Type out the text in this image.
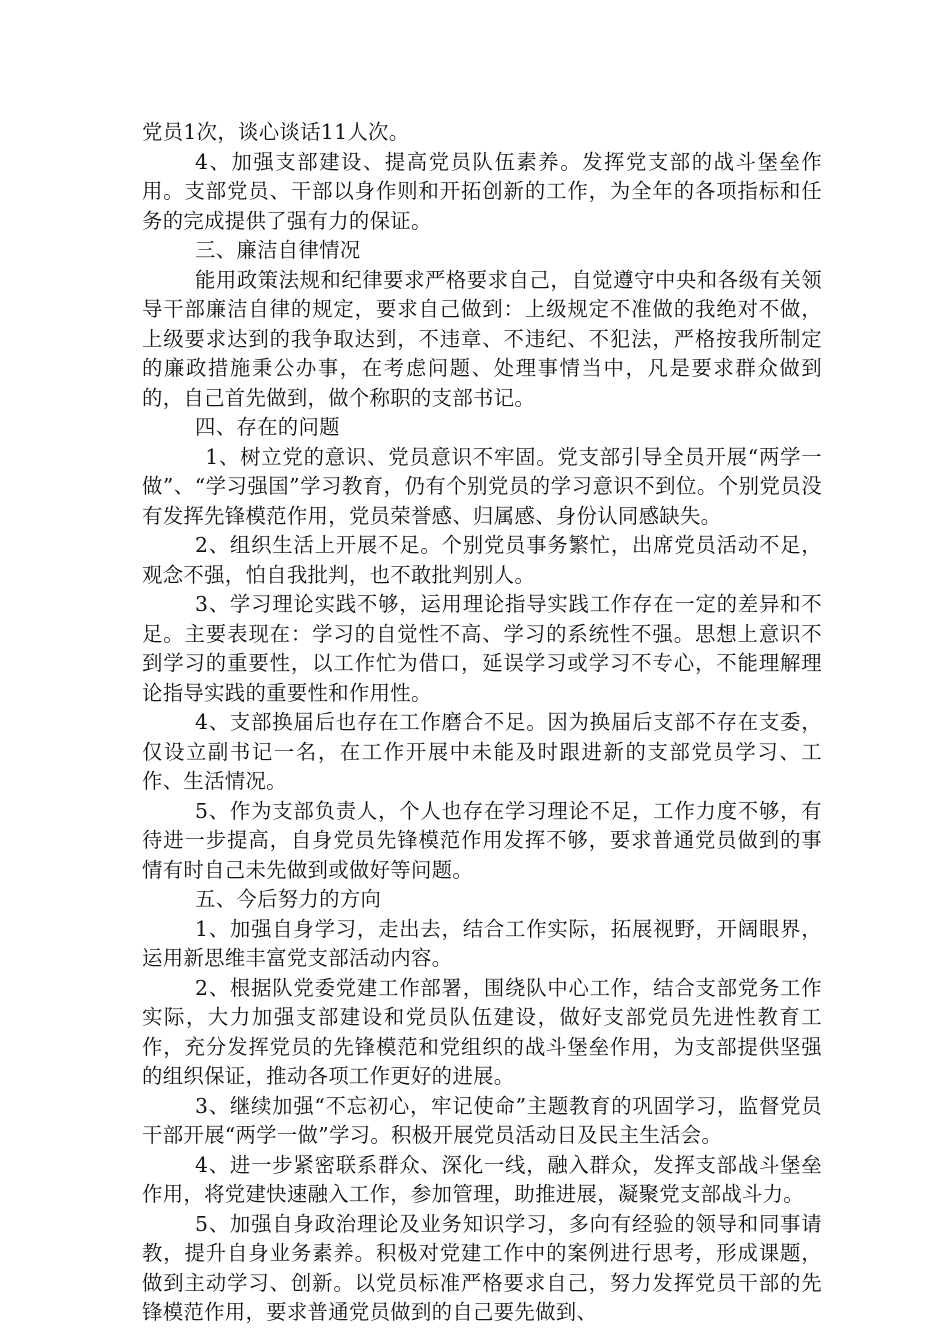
党员1次，谈心谈话11人次。

4、加强支部建设、提高党员队伍素养。发挥党支部的战斗堡垒作用。支部党员、干部以身作则和开拓创新的工作，为全年的各项指标和任务的完成提供了强有力的保证。

三、廉洁自律情况

能用政策法规和纪律要求严格要求自己，自觉遵守中央和各级有关领导干部廉洁自律的规定，要求自己做到：上级规定不准做的我绝对不做，上级要求达到的我争取达到，不违章、不违纪、不犯法，严格按我所制定的廉政措施秉公办事，在考虑问题、处理事情当中，凡是要求群众做到的，自己首先做到，做个称职的支部书记。

四、存在的问题

1、树立党的意识、党员意识不牢固。党支部引导全员开展“两学一做”、“学习强国”学习教育，仍有个别党员的学习意识不到位。个别党员没有发挥先锋模范作用，党员荣誉感、归属感、身份认同感缺失。

2、组织生活上开展不足。个别党员事务繁忙，出席党员活动不足，观念不强，怕自我批判，也不敢批判别人。

3、学习理论实践不够，运用理论指导实践工作存在一定的差异和不足。主要表现在：学习的自觉性不高、学习的系统性不强。思想上意识不到学习的重要性，以工作忙为借口，延误学习或学习不专心，不能理解理论指导实践的重要性和作用性。

4、支部换届后也存在工作磨合不足。因为换届后支部不存在支委，仅设立副书记一名，在工作开展中未能及时跟进新的支部党员学习、工作、生活情况。

5、作为支部负责人，个人也存在学习理论不足，工作力度不够，有待进一步提高，自身党员先锋模范作用发挥不够，要求普通党员做到的事情有时自己未先做到或做好等问题。

五、今后努力的方向

1、加强自身学习，走出去，结合工作实际，拓展视野，开阔眼界，运用新思维丰富党支部活动内容。

2、根据队党委党建工作部署，围绕队中心工作，结合支部党务工作实际，大力加强支部建设和党员队伍建设，做好支部党员先进性教育工作，充分发挥党员的先锋模范和党组织的战斗堡垒作用，为支部提供坚强的组织保证，推动各项工作更好的进展。

3、继续加强“不忘初心，牢记使命”主题教育的巩固学习，监督党员干部开展“两学一做”学习。积极开展党员活动日及民主生活会。

4、进一步紧密联系群众、深化一线，融入群众，发挥支部战斗堡垒作用，将党建快速融入工作，参加管理，助推进展，凝聚党支部战斗力。

5、加强自身政治理论及业务知识学习，多向有经验的领导和同事请教，提升自身业务素养。积极对党建工作中的案例进行思考，形成课题，做到主动学习、创新。以党员标准严格要求自己，努力发挥党员干部的先锋模范作用，要求普通党员做到的自己要先做到、
